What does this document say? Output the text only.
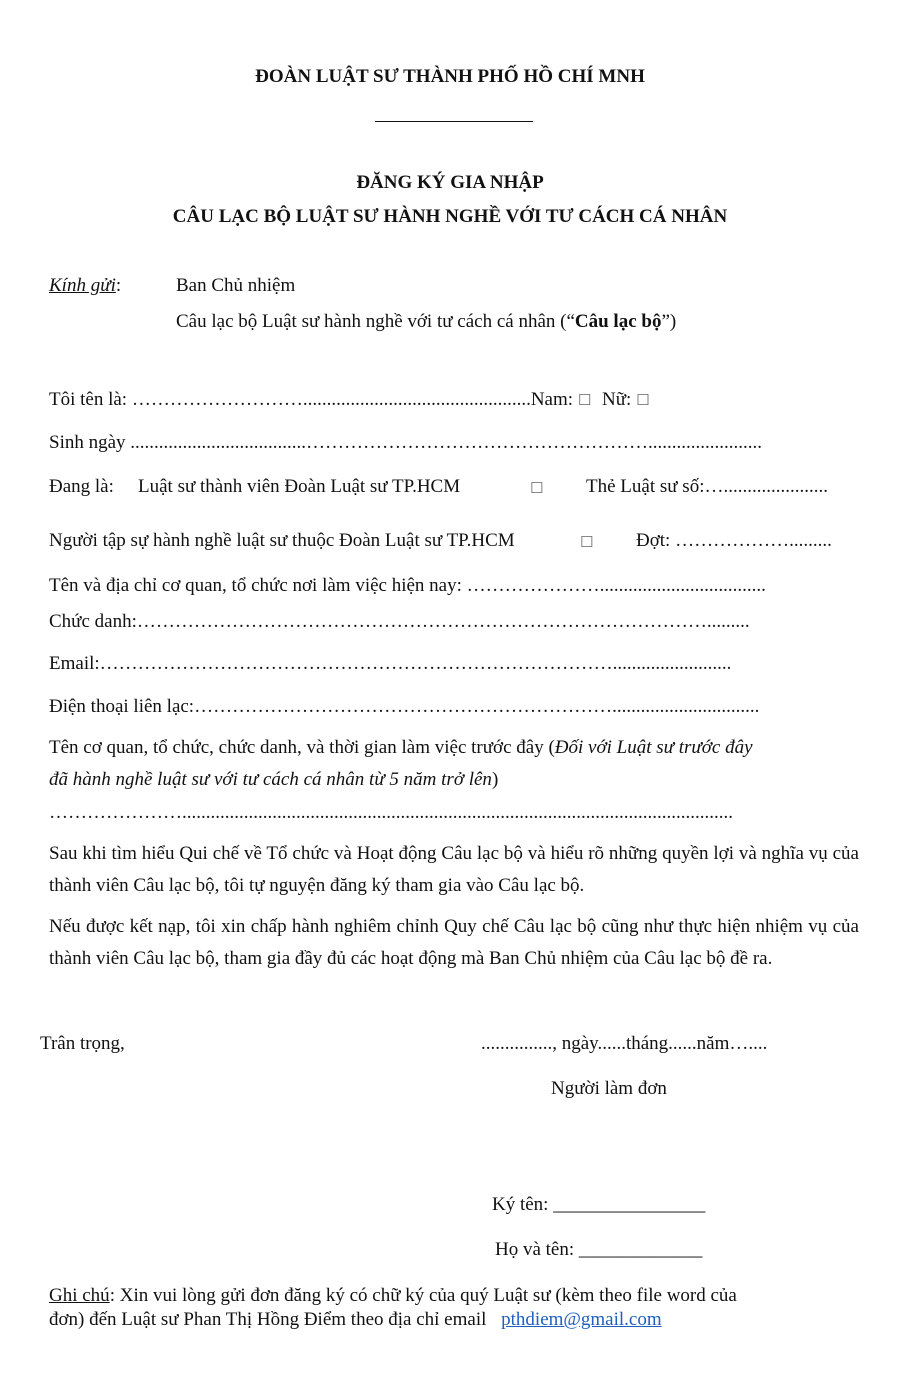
ĐOÀN LUẬT SƯ THÀNH PHỐ HỒ CHÍ MNH
ĐĂNG KÝ GIA NHẬP
CÂU LẠC BỘ LUẬT SƯ HÀNH NGHỀ VỚI TƯ CÁCH CÁ NHÂN
Kính gửi:	Ban Chủ nhiệm
Câu lạc bộ Luật sư hành nghề với tư cách cá nhân (“Câu lạc bộ”)
Tôi tên là: ………………………................................................Nam: ☐ Nữ: ☐
Sinh ngày .....................................………………………………………………........................
Đang là: Luật sư thành viên Đoàn Luật sư TP.HCM	☐ Thẻ Luật sư số:…......................
Người tập sự hành nghề luật sư thuộc Đoàn Luật sư TP.HCM	☐ Đợt: ……………….........
Tên và địa chỉ cơ quan, tổ chức nơi làm việc hiện nay: …………………...................................
Chức danh:……………………………………………………………………………….........
Email:……………………………………………………………………….........................
Điện thoại liên lạc:…………………………………………………………...............................
Tên cơ quan, tổ chức, chức danh, và thời gian làm việc trước đây (Đối với Luật sư trước đây
đã hành nghề luật sư với tư cách cá nhân từ 5 năm trở lên)
…………………....................................................................................................................

Sau khi tìm hiểu Qui chế về Tổ chức và Hoạt động Câu lạc bộ và hiểu rõ những quyền lợi và nghĩa vụ của thành viên Câu lạc bộ, tôi tự nguyện đăng ký tham gia vào Câu lạc bộ.

Nếu được kết nạp, tôi xin chấp hành nghiêm chỉnh Quy chế Câu lạc bộ cũng như thực hiện nhiệm vụ của thành viên Câu lạc bộ, tham gia đầy đủ các hoạt động mà Ban Chủ nhiệm của Câu lạc bộ đề ra.

Trân trọng,	..............., ngày......tháng......năm…....
Người làm đơn
Ký tên: ________________
Họ và tên: _____________
Ghi chú: Xin vui lòng gửi đơn đăng ký có chữ ký của quý Luật sư (kèm theo file word của
đơn) đến Luật sư Phan Thị Hồng Điểm theo địa chỉ email pthdiem@gmail.com
